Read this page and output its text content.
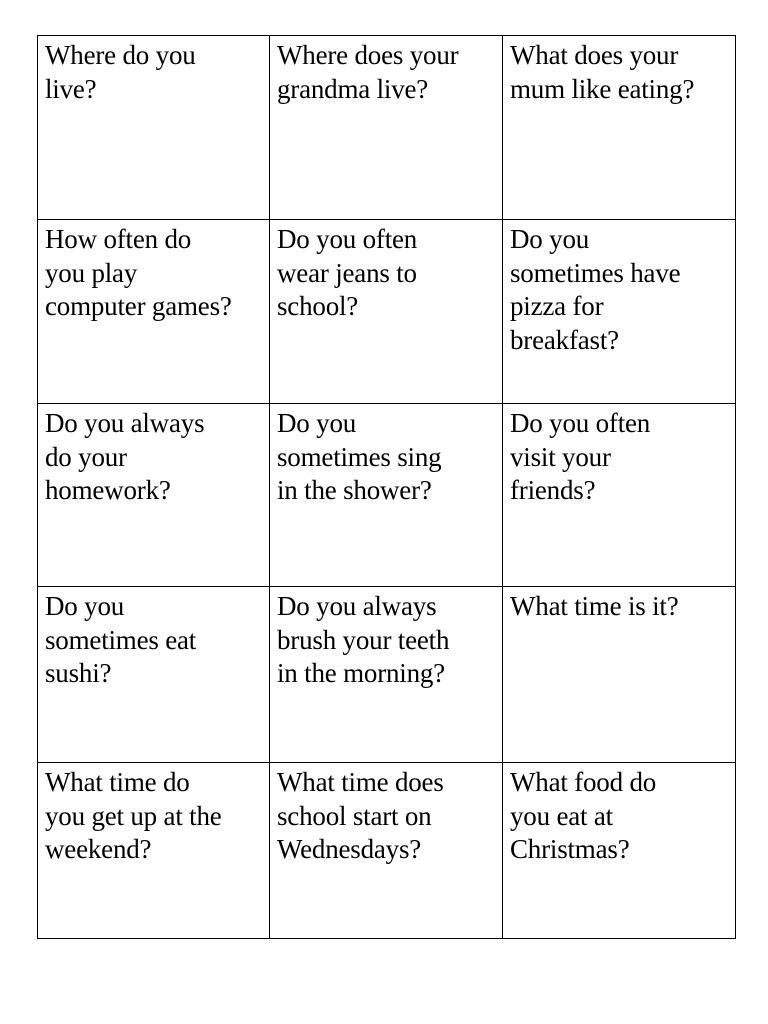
Where do you
live?	Where does your
grandma live?	What does your
mum like eating?

How often do
you play
computer games?	Do you often
wear jeans to
school?	Do you
sometimes have
pizza for
breakfast?

Do you always
do your
homework?	Do you
sometimes sing
in the shower?	Do you often
visit your
friends?

Do you
sometimes eat
sushi?	Do you always
brush your teeth
in the morning?	What time is it?

What time do
you get up at the
weekend?	What time does
school start on
Wednesdays?	What food do
you eat at
Christmas?
